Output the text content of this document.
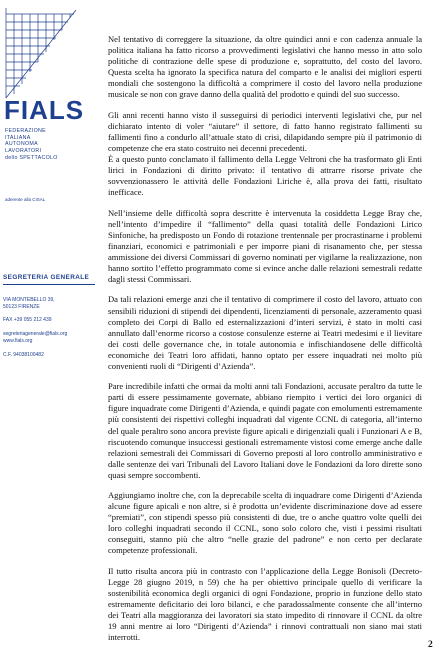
FIALS
FEDERAZIONE
ITALIANA
AUTONOMA
LAVORATORI
dello SPETTACOLO
aderente alla CISAL
SEGRETERIA GENERALE
VIA MONTEBELLO 39,
50123 FIRENZE
FAX +39 055 212 439
segreteriagenerale@fials.org
www.fials.org
C.F. 94038100482

Nel tentativo di correggere la situazione, da oltre quindici anni e con cadenza annuale la politica italiana ha fatto ricorso a provvedimenti legislativi che hanno messo in atto solo politiche di contrazione delle spese di produzione e, soprattutto, del costo del lavoro. Questa scelta ha ignorato la specifica natura del comparto e le analisi dei migliori esperti mondiali che sostengono la difficoltà a comprimere il costo del lavoro nella produzione musicale se non con grave danno della qualità del prodotto e quindi del suo successo.

Gli anni recenti hanno visto il susseguirsi di periodici interventi legislativi che, pur nel dichiarato intento di voler “aiutare” il settore, di fatto hanno registrato fallimenti su fallimenti fino a condurlo all’attuale stato di crisi, dilapidando sempre più il patrimonio di competenze che era stato costruito nei decenni precedenti.
È a questo punto conclamato il fallimento della Legge Veltroni che ha trasformato gli Enti lirici in Fondazioni di diritto privato: il tentativo di attrarre risorse private che sovvenzionassero le attività delle Fondazioni Liriche è, alla prova dei fatti, risultato inefficace.

Nell’insieme delle difficoltà sopra descritte è intervenuta la cosiddetta Legge Bray che, nell’intento d’impedire il “fallimento” della quasi totalità delle Fondazioni Lirico Sinfoniche, ha predisposto un Fondo di rotazione trentennale per procrastinarne i problemi finanziari, economici e patrimoniali e per imporre piani di risanamento che, per stessa ammissione dei diversi Commissari di governo nominati per vigilarne la realizzazione, non hanno sortito l’effetto programmato come si evince anche dalle relazioni semestrali redatte dagli stessi Commissari.

Da tali relazioni emerge anzi che il tentativo di comprimere il costo del lavoro, attuato con sensibili riduzioni di stipendi dei dipendenti, licenziamenti di personale, azzeramento quasi completo dei Corpi di Ballo ed esternalizzazioni d’interi servizi, è stato in molti casi annullato dall’enorme ricorso a costose consulenze esterne ai Teatri medesimi e il lievitare dei costi delle governance che, in totale autonomia e infischiandosene delle difficoltà economiche dei Teatri loro affidati, hanno optato per essere inquadrati nei molto più convenienti ruoli di “Dirigenti d’Azienda”.

Pare incredibile infatti che ormai da molti anni tali Fondazioni, accusate peraltro da tutte le parti di essere pessimamente governate, abbiano riempito i vertici dei loro organici di figure inquadrate come Dirigenti d’Azienda, e quindi pagate con emolumenti estremamente più consistenti dei rispettivi colleghi inquadrati dal vigente CCNL di categoria, all’interno del quale peraltro sono ancora previste figure apicali e dirigenziali quali i Funzionari A e B, riscuotendo comunque insuccessi gestionali estremamente vistosi come emerge anche dalle relazioni semestrali dei Commissari di Governo preposti al loro controllo amministrativo e dalle sentenze dei vari Tribunali del Lavoro Italiani dove le Fondazioni da loro dirette sono quasi sempre soccombenti.

Aggiungiamo inoltre che, con la deprecabile scelta di inquadrare come Dirigenti d’Azienda alcune figure apicali e non altre, si è prodotta un’evidente discriminazione dove ad essere “premiati”, con stipendi spesso più consistenti di due, tre o anche quattro volte quelli dei loro colleghi inquadrati secondo il CCNL, sono solo coloro che, visti i pessimi risultati conseguiti, stanno più che altro “nelle grazie del padrone” e non certo per declarate competenze professionali.

Il tutto risulta ancora più in contrasto con l’applicazione della Legge Bonisoli (Decreto-Legge 28 giugno 2019, n 59) che ha per obiettivo principale quello di verificare la sostenibilità economica degli organici di ogni Fondazione, proprio in funzione dello stato estremamente deficitario dei loro bilanci, e che paradossalmente consente che all’interno dei Teatri alla maggioranza dei lavoratori sia stato impedito di rinnovare il CCNL da oltre 19 anni mentre ai loro “Dirigenti d’Azienda” i rinnovi contrattuali non siano mai stati interrotti.

2
